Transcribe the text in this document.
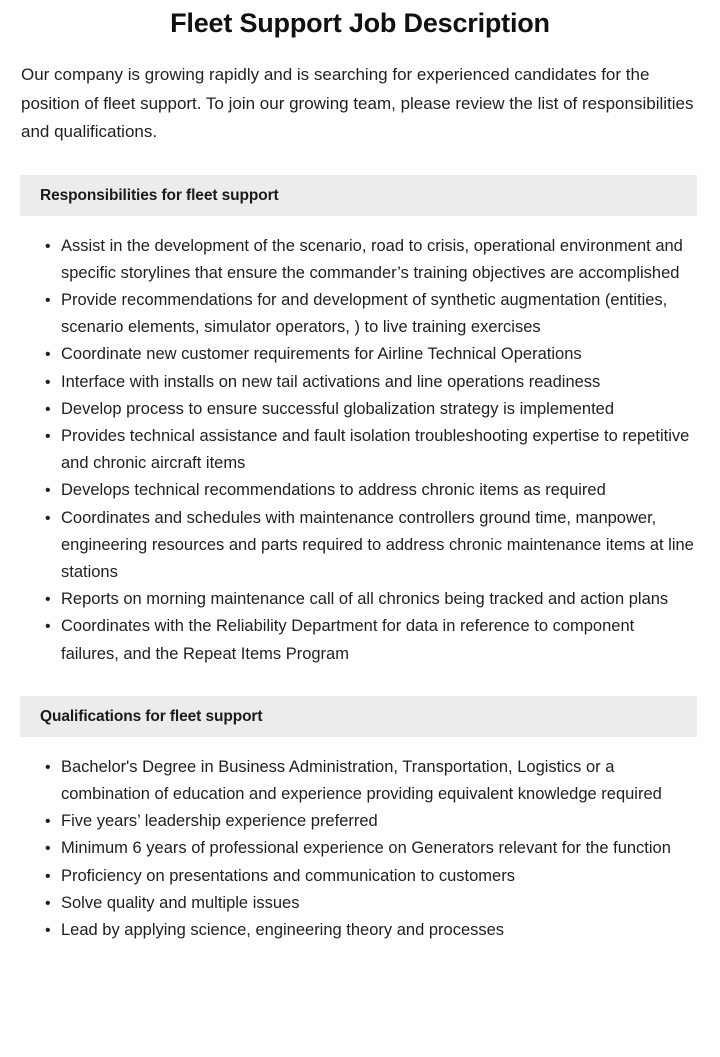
Fleet Support Job Description

Our company is growing rapidly and is searching for experienced candidates for the position of fleet support. To join our growing team, please review the list of responsibilities and qualifications.

Responsibilities for fleet support
• Assist in the development of the scenario, road to crisis, operational environment and specific storylines that ensure the commander’s training objectives are accomplished
• Provide recommendations for and development of synthetic augmentation (entities, scenario elements, simulator operators, ) to live training exercises
• Coordinate new customer requirements for Airline Technical Operations
• Interface with installs on new tail activations and line operations readiness
• Develop process to ensure successful globalization strategy is implemented
• Provides technical assistance and fault isolation troubleshooting expertise to repetitive and chronic aircraft items
• Develops technical recommendations to address chronic items as required
• Coordinates and schedules with maintenance controllers ground time, manpower, engineering resources and parts required to address chronic maintenance items at line stations
• Reports on morning maintenance call of all chronics being tracked and action plans
• Coordinates with the Reliability Department for data in reference to component failures, and the Repeat Items Program
Qualifications for fleet support
• Bachelor's Degree in Business Administration, Transportation, Logistics or a combination of education and experience providing equivalent knowledge required
• Five years’ leadership experience preferred
• Minimum 6 years of professional experience on Generators relevant for the function
• Proficiency on presentations and communication to customers
• Solve quality and multiple issues
• Lead by applying science, engineering theory and processes
